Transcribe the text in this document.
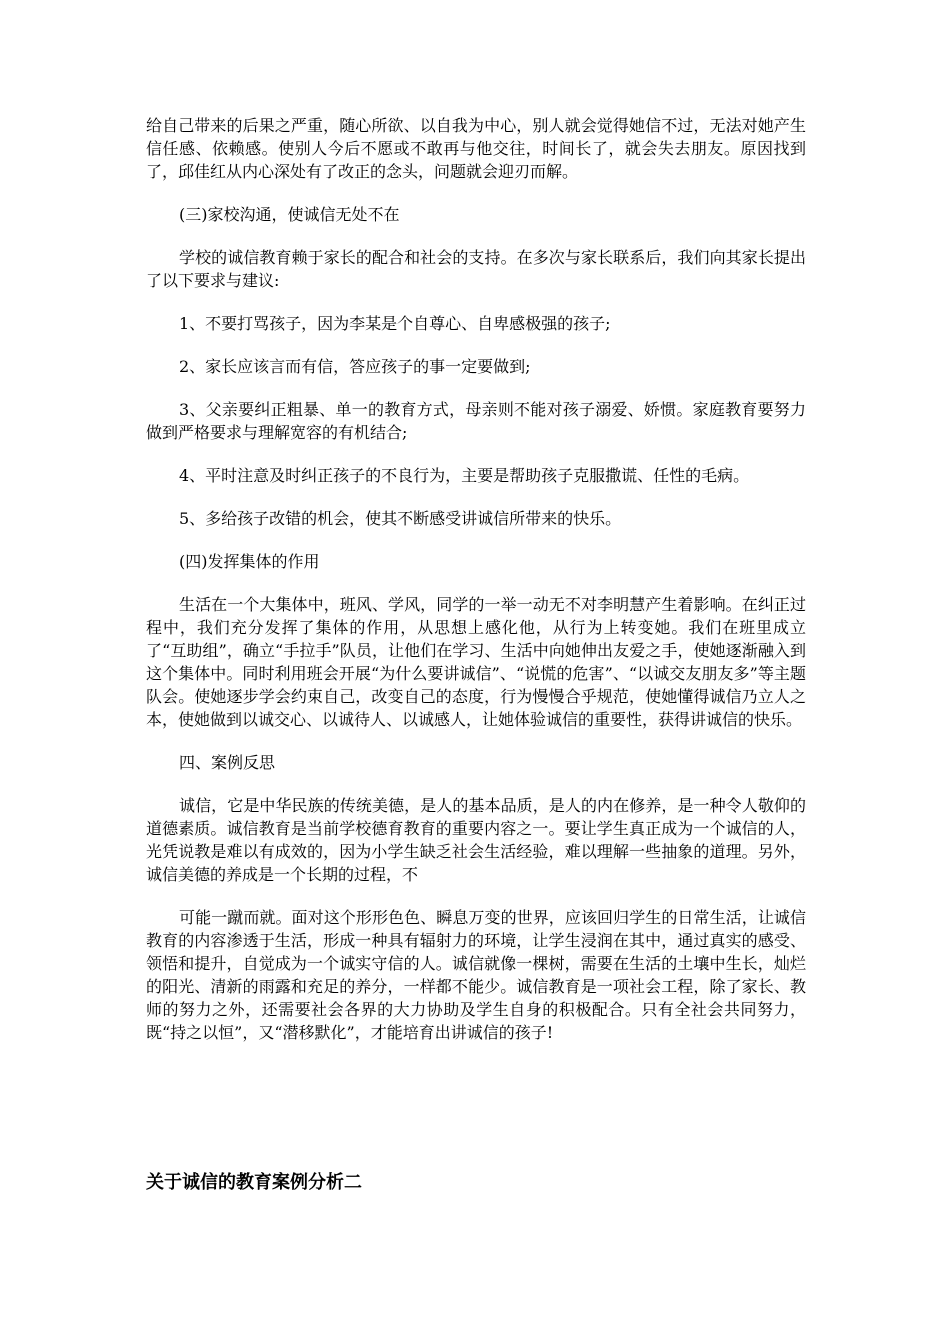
给自己带来的后果之严重，随心所欲、以自我为中心，别人就会觉得她信不过，无法对她产生信任感、依赖感。使别人今后不愿或不敢再与他交往，时间长了，就会失去朋友。原因找到了，邱佳红从内心深处有了改正的念头，问题就会迎刃而解。

(三)家校沟通，使诚信无处不在

学校的诚信教育赖于家长的配合和社会的支持。在多次与家长联系后，我们向其家长提出了以下要求与建议:

1、不要打骂孩子，因为李某是个自尊心、自卑感极强的孩子;

2、家长应该言而有信，答应孩子的事一定要做到;

3、父亲要纠正粗暴、单一的教育方式，母亲则不能对孩子溺爱、娇惯。家庭教育要努力做到严格要求与理解宽容的有机结合;

4、平时注意及时纠正孩子的不良行为，主要是帮助孩子克服撒谎、任性的毛病。

5、多给孩子改错的机会，使其不断感受讲诚信所带来的快乐。

(四)发挥集体的作用

生活在一个大集体中，班风、学风，同学的一举一动无不对李明慧产生着影响。在纠正过程中，我们充分发挥了集体的作用，从思想上感化他，从行为上转变她。我们在班里成立了“互助组”，确立“手拉手”队员，让他们在学习、生活中向她伸出友爱之手，使她逐渐融入到这个集体中。同时利用班会开展“为什么要讲诚信”、“说慌的危害”、“以诚交友朋友多”等主题队会。使她逐步学会约束自己，改变自己的态度，行为慢慢合乎规范，使她懂得诚信乃立人之本，使她做到以诚交心、以诚待人、以诚感人，让她体验诚信的重要性，获得讲诚信的快乐。

四、案例反思

诚信，它是中华民族的传统美德，是人的基本品质，是人的内在修养，是一种令人敬仰的道德素质。诚信教育是当前学校德育教育的重要内容之一。要让学生真正成为一个诚信的人，光凭说教是难以有成效的，因为小学生缺乏社会生活经验，难以理解一些抽象的道理。另外，诚信美德的养成是一个长期的过程，不

可能一蹴而就。面对这个形形色色、瞬息万变的世界，应该回归学生的日常生活，让诚信教育的内容渗透于生活，形成一种具有辐射力的环境，让学生浸润在其中，通过真实的感受、领悟和提升，自觉成为一个诚实守信的人。诚信就像一棵树，需要在生活的土壤中生长，灿烂的阳光、清新的雨露和充足的养分，一样都不能少。诚信教育是一项社会工程，除了家长、教师的努力之外，还需要社会各界的大力协助及学生自身的积极配合。只有全社会共同努力，既“持之以恒”，又“潜移默化”，才能培育出讲诚信的孩子!

关于诚信的教育案例分析二
